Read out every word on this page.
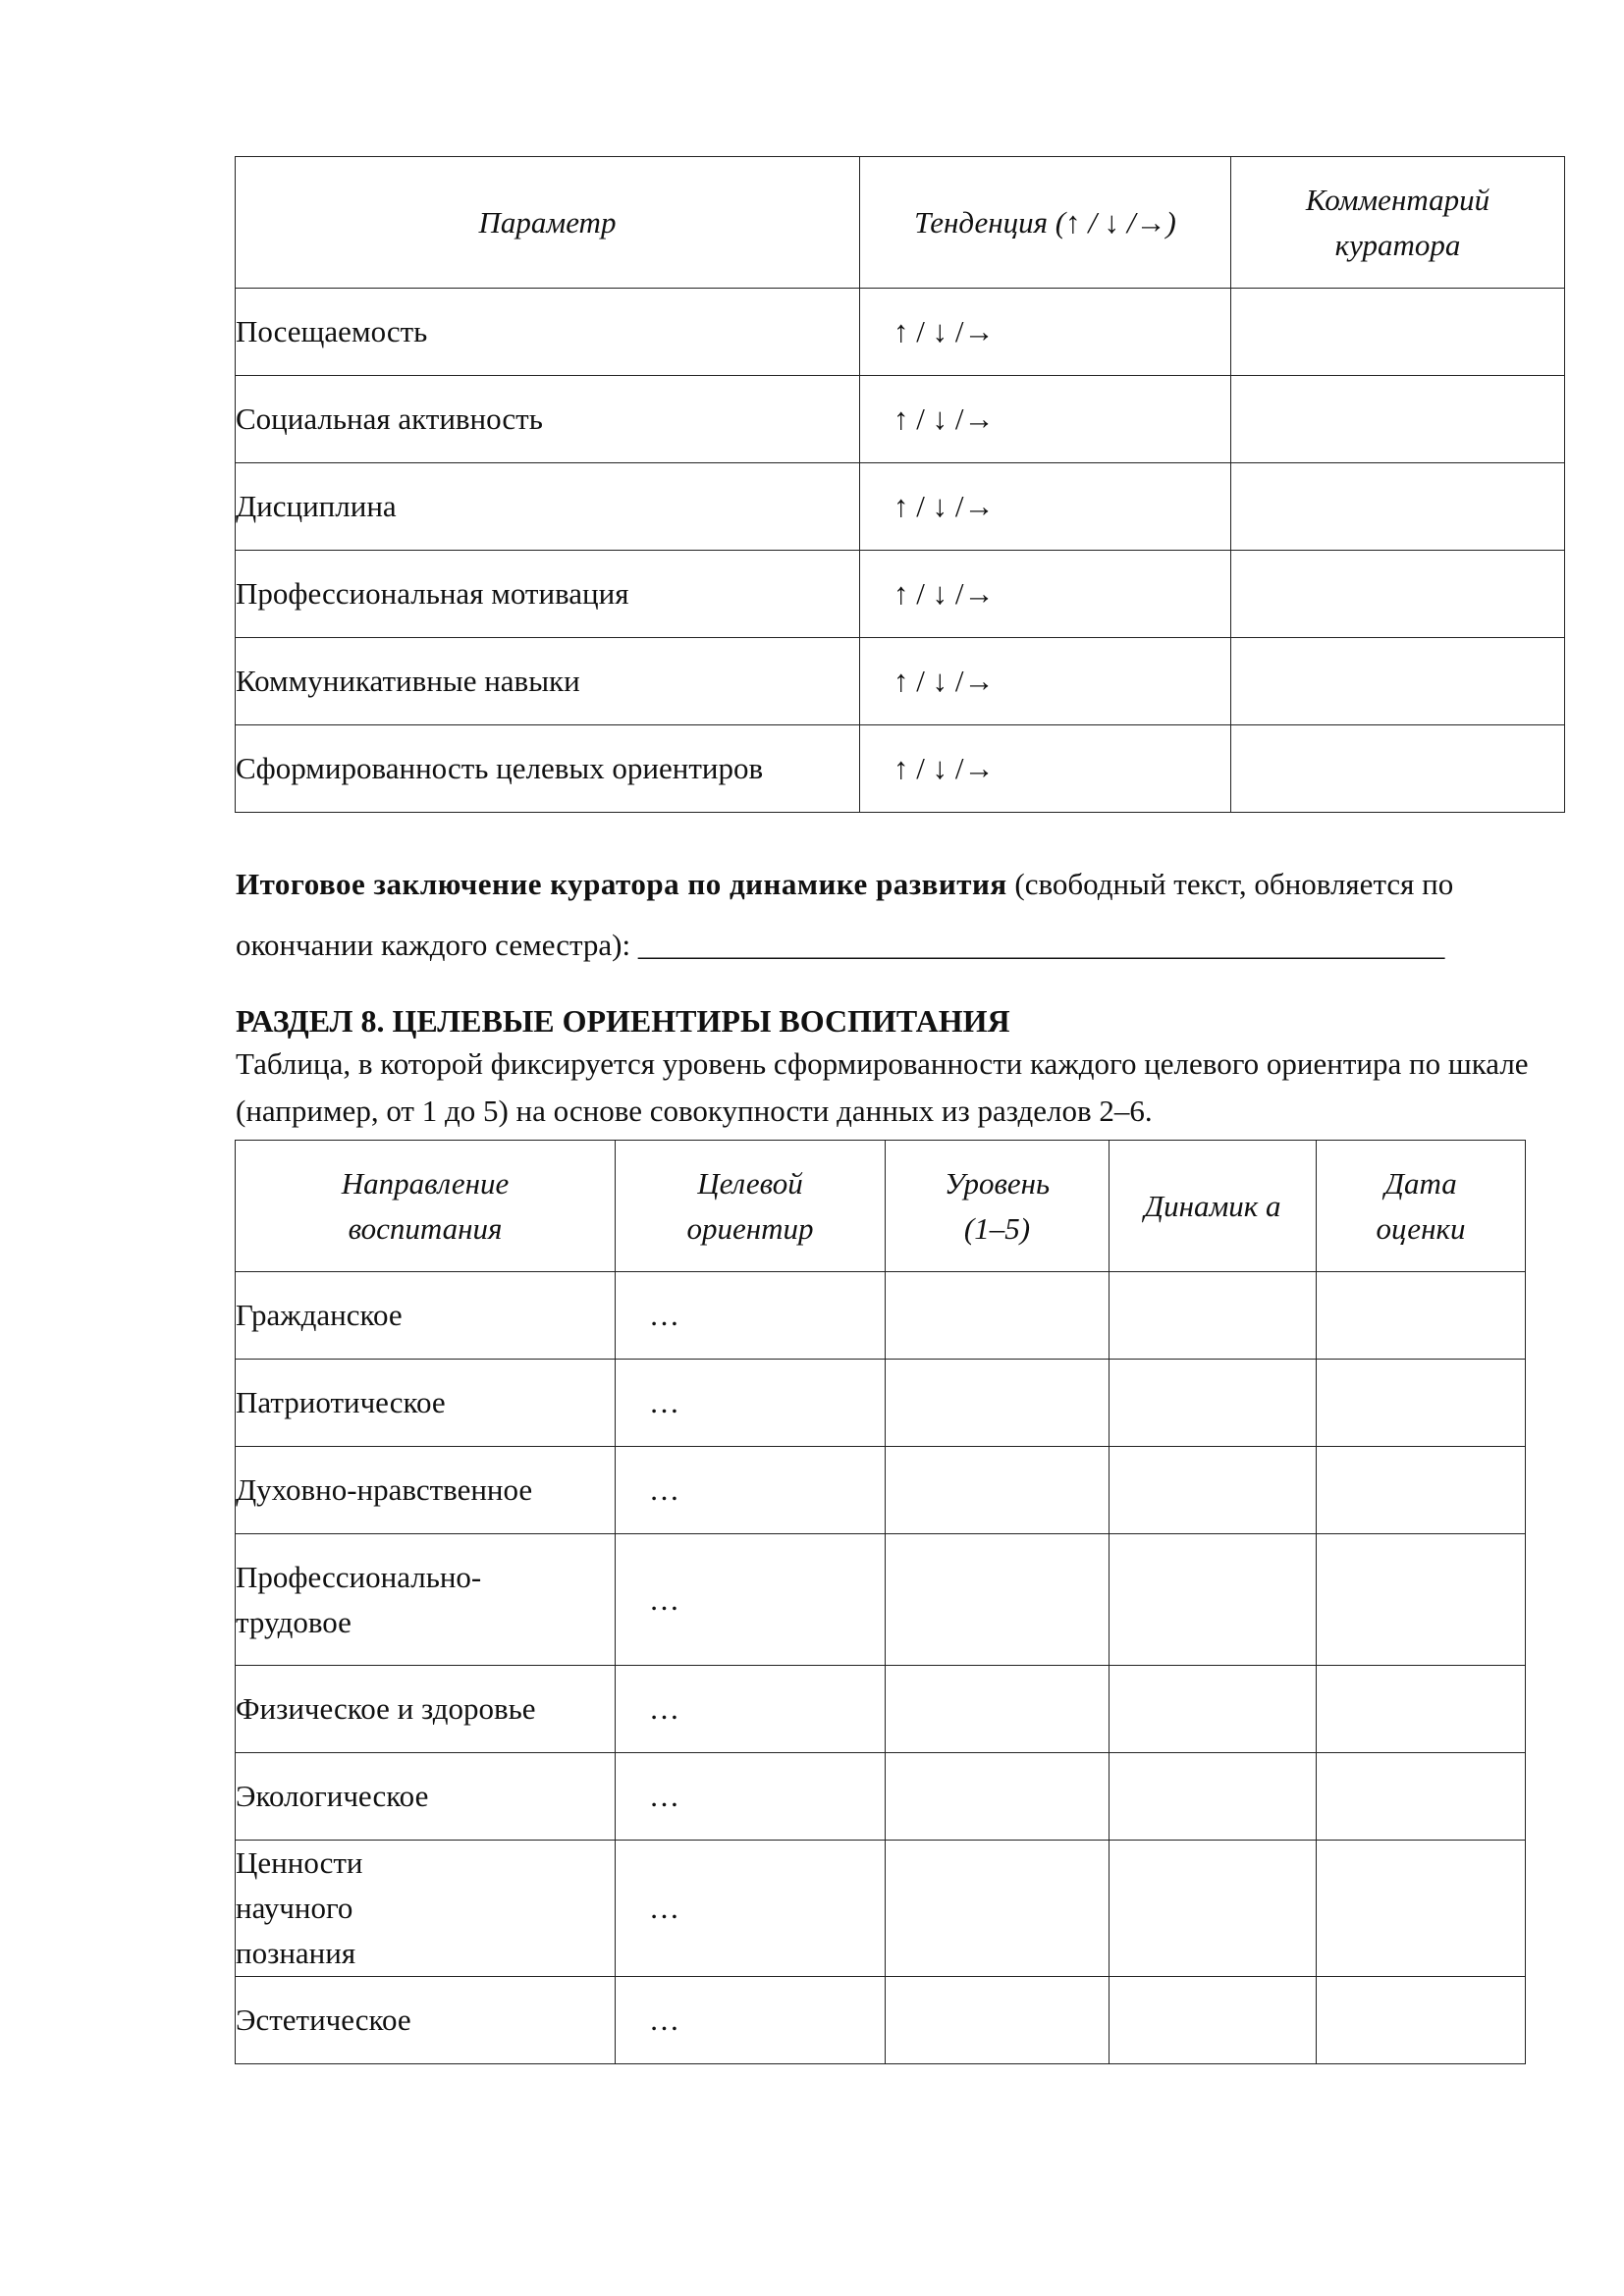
Параметр	Тенденция (↑ / ↓ /→)	Комментарий куратора
Посещаемость	↑ / ↓ /→	
Социальная активность	↑ / ↓ /→	
Дисциплина	↑ / ↓ /→	
Профессиональная мотивация	↑ / ↓ /→	
Коммуникативные навыки	↑ / ↓ /→	
Сформированность целевых ориентиров	↑ / ↓ /→	

Итоговое заключение куратора по динамике развития (свободный текст, обновляется по окончании каждого семестра): _____________________________________________________

РАЗДЕЛ 8. ЦЕЛЕВЫЕ ОРИЕНТИРЫ ВОСПИТАНИЯ

Таблица, в которой фиксируется уровень сформированности каждого целевого ориентира по шкале (например, от 1 до 5) на основе совокупности данных из разделов 2–6.

Направление воспитания	Целевой ориентир	Уровень (1–5)	Динамик а	Дата оценки
Гражданское	…			
Патриотическое	…			
Духовно-нравственное	…			
Профессионально-трудовое	…			
Физическое и здоровье	…			
Экологическое	…			
Ценности научного познания	…			
Эстетическое	…			
